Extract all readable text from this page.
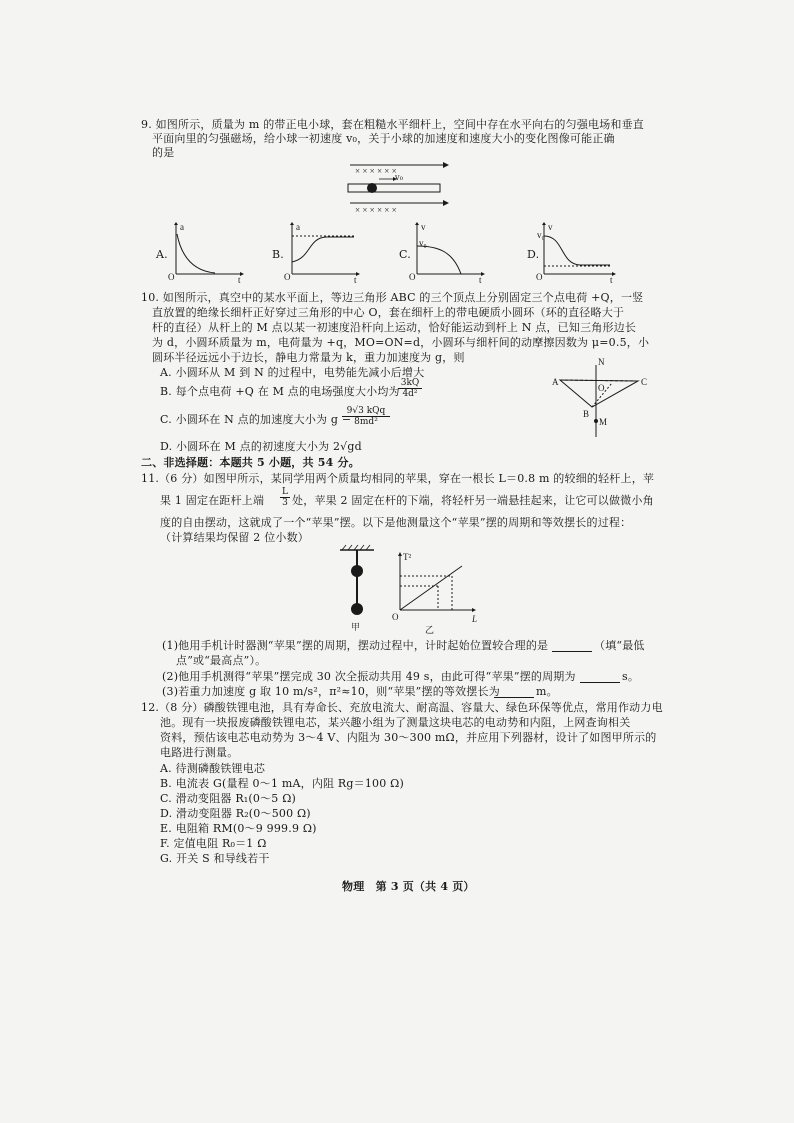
9. 如图所示，质量为 m 的带正电小球，套在粗糙水平细杆上，空间中存在水平向右的匀强电场和垂直
平面向里的匀强磁场，给小球一初速度 v₀，关于小球的加速度和速度大小的变化图像可能正确
的是
× × × × × ×
× × × × × ×
v₀
A.	B.	C.	D.
a
O	t
a
O	t
v
v₀
O	t
v
v₀
O	t
10. 如图所示，真空中的某水平面上，等边三角形 ABC 的三个顶点上分别固定三个点电荷 +Q，一竖
直放置的绝缘长细杆正好穿过三角形的中心 O，套在细杆上的带电硬质小圆环（环的直径略大于
杆的直径）从杆上的 M 点以某一初速度沿杆向上运动，恰好能运动到杆上 N 点，已知三角形边长
为 d，小圆环质量为 m，电荷量为 +q，MO=ON=d，小圆环与细杆间的动摩擦因数为 μ=0.5，小
圆环半径远远小于边长，静电力常量为 k，重力加速度为 g，则
A. 小圆环从 M 到 N 的过程中，电势能先减小后增大
B. 每个点电荷 +Q 在 M 点的电场强度大小均为
$\frac{3kQ}{\text{4d²}}$
C. 小圆环在 N 点的加速度大小为 g −
9√3 kQq
8md²
D. 小圆环在 M 点的初速度大小为 2√gd
N
A	C
O
B
M
二、非选择题：本题共 5 小题，共 54 分。
11.（6 分）如图甲所示，某同学用两个质量均相同的苹果，穿在一根长 L＝0.8 m 的较细的轻杆上，苹
果 1 固定在距杆上端 $\frac{L}{3}$ 处，苹果 2 固定在杆的下端，将轻杆另一端悬挂起来，让它可以做微小角
度的自由摆动，这就成了一个“苹果”摆。以下是他测量这个“苹果”摆的周期和等效摆长的过程：
（计算结果均保留 2 位小数）
甲
T²
O	L
乙
(1)他用手机计时器测“苹果”摆的周期，摆动过程中，计时起始位置较合理的是	（填“最低
点”或“最高点”）。
(2)他用手机测得“苹果”摆完成 30 次全振动共用 49 s，由此可得“苹果”摆的周期为	s。
(3)若重力加速度 g 取 10 m/s²，π²≈10，则“苹果”摆的等效摆长为	m。
12.（8 分）磷酸铁锂电池，具有寿命长、充放电流大、耐高温、容量大、绿色环保等优点，常用作动力电
池。现有一块报废磷酸铁锂电芯，某兴趣小组为了测量这块电芯的电动势和内阻，上网查询相关
资料，预估该电芯电动势为 3～4 V、内阻为 30～300 mΩ，并应用下列器材，设计了如图甲所示的
电路进行测量。
A. 待测磷酸铁锂电芯
B. 电流表 G(量程 0～1 mA，内阻 Rg＝100 Ω)
C. 滑动变阻器 R₁(0～5 Ω)
D. 滑动变阻器 R₂(0～500 Ω)
E. 电阻箱 RM(0～9 999.9 Ω)
F. 定值电阻 R₀＝1 Ω
G. 开关 S 和导线若干
物理　第 3 页（共 4 页）
